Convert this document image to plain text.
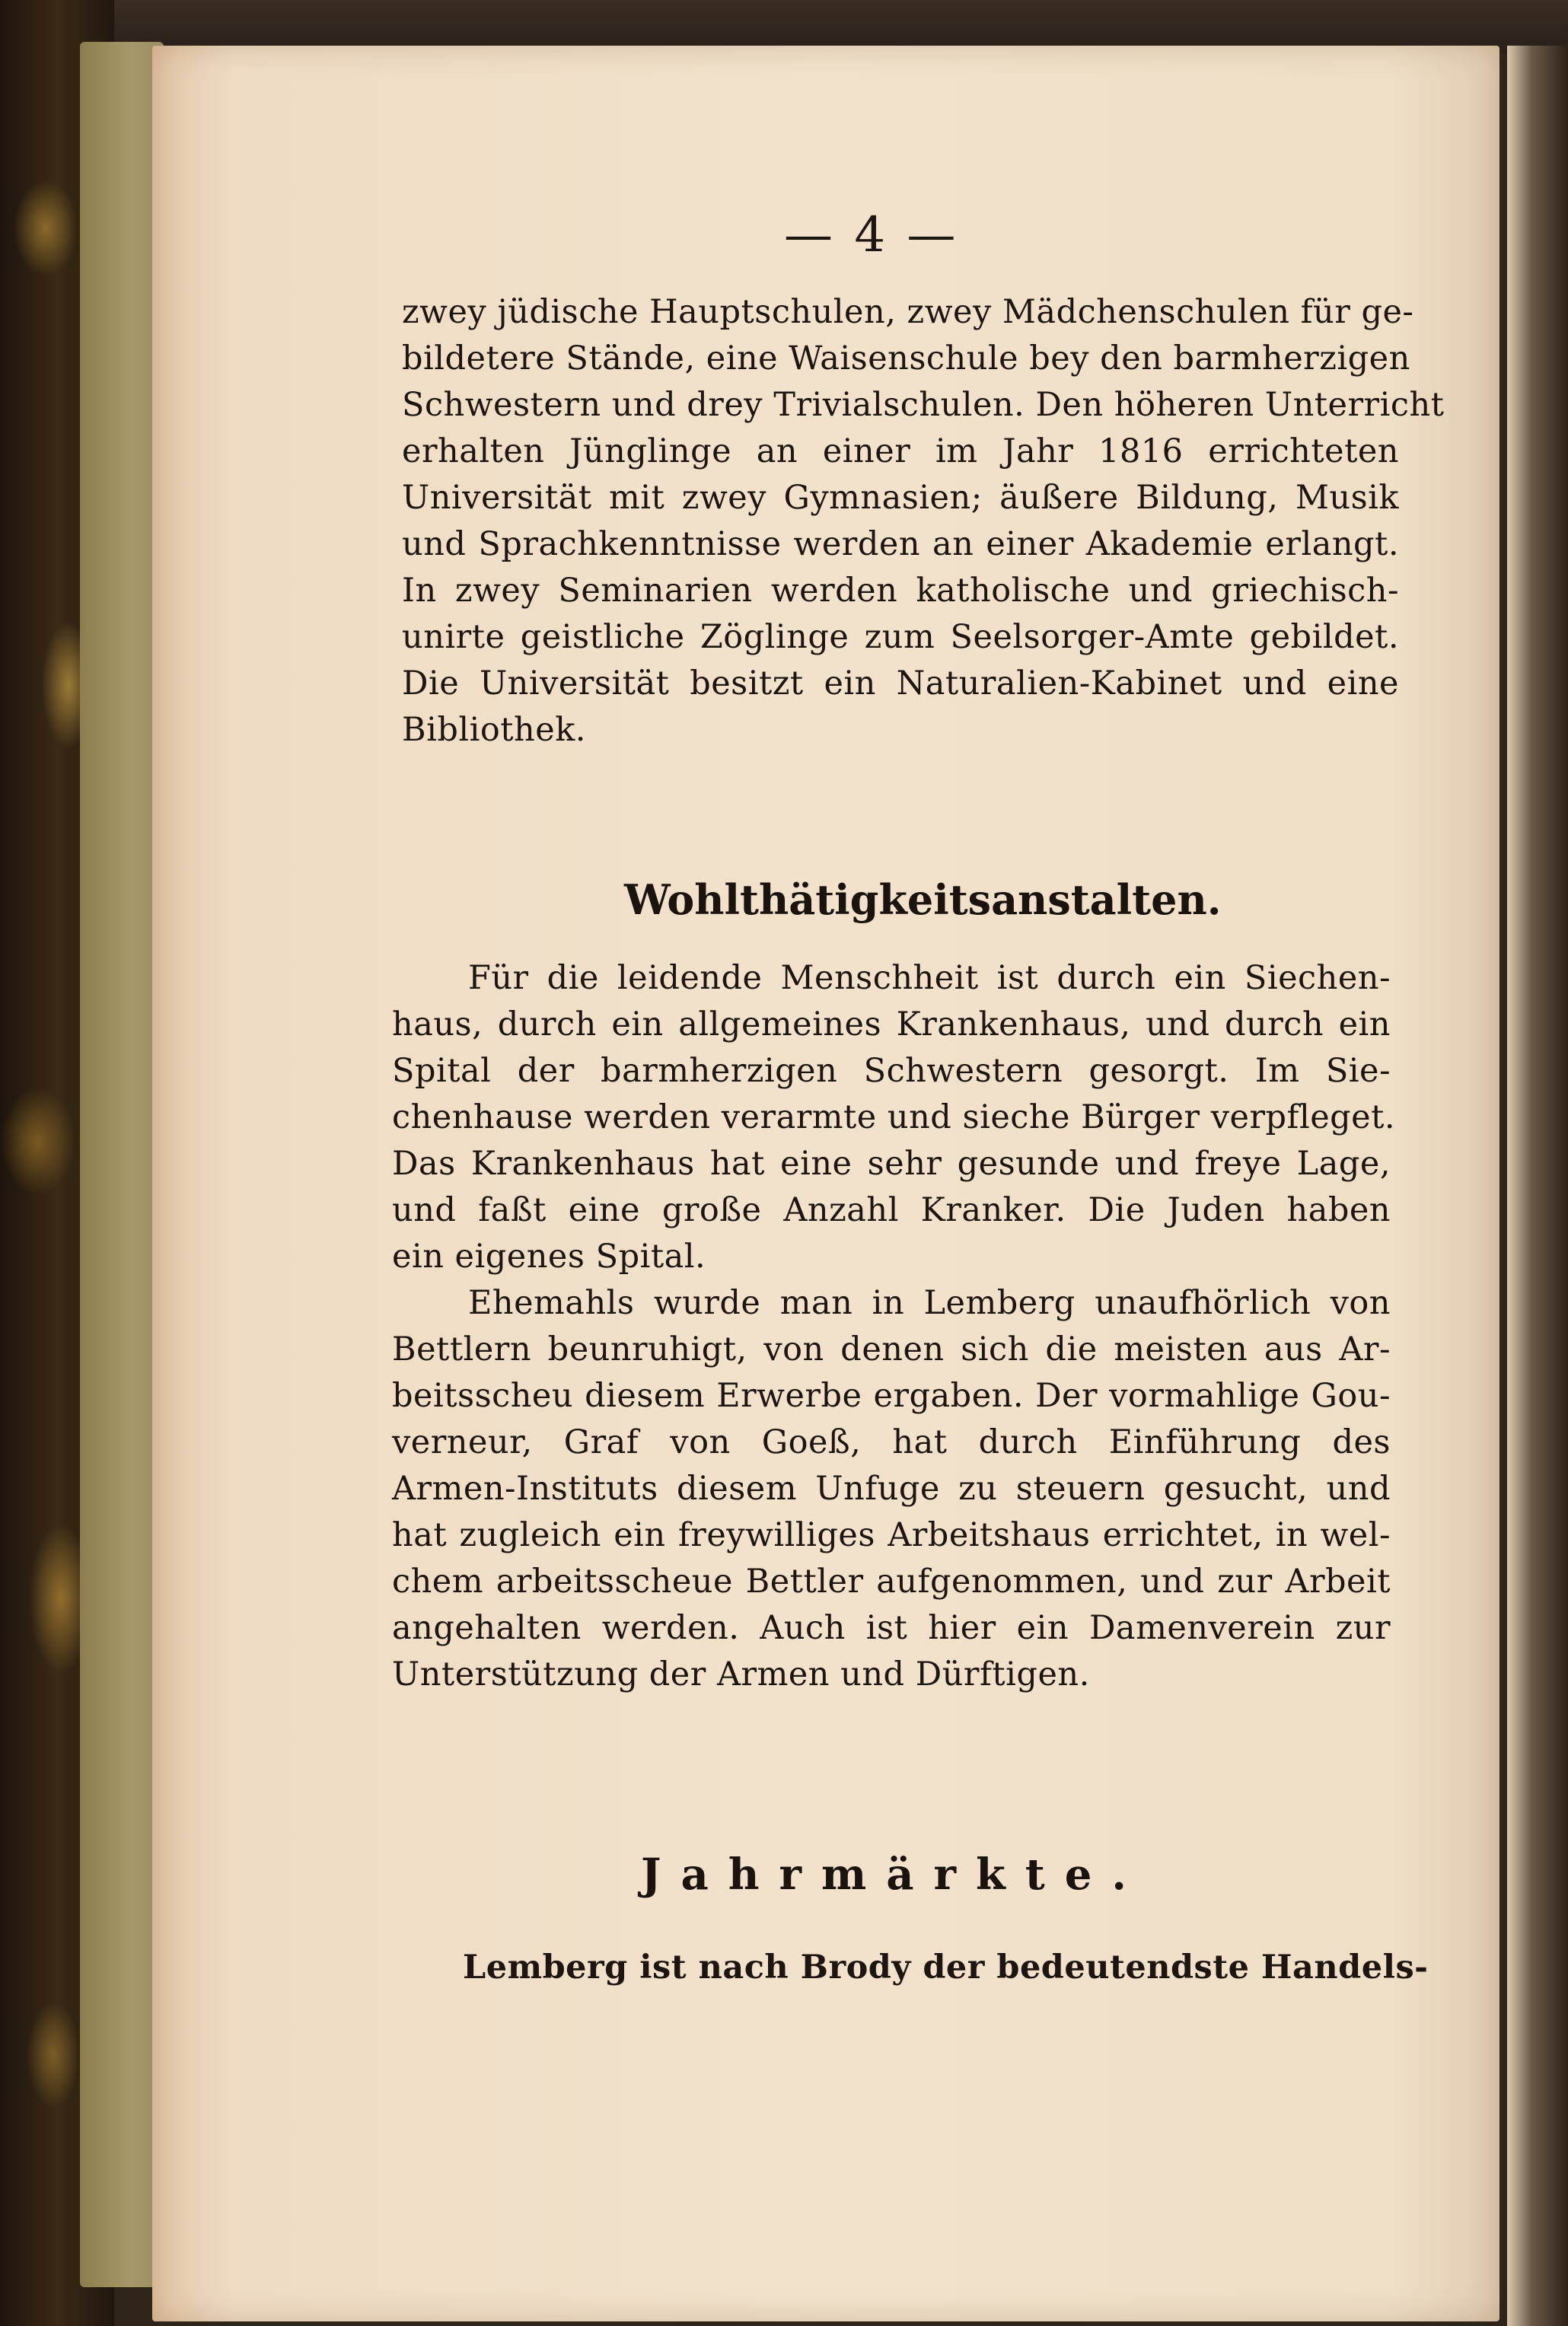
— 4 —
zwey jüdische Hauptschulen, zwey Mädchenschulen für ge-
bildetere Stände, eine Waisenschule bey den barmherzigen
Schwestern und drey Trivialschulen. Den höheren Unterricht
erhalten Jünglinge an einer im Jahr 1816 errichteten
Universität mit zwey Gymnasien; äußere Bildung, Musik
und Sprachkenntnisse werden an einer Akademie erlangt.
In zwey Seminarien werden katholische und griechisch-
unirte geistliche Zöglinge zum Seelsorger-Amte gebildet.
Die Universität besitzt ein Naturalien-Kabinet und eine
Bibliothek.
Wohlthätigkeitsanstalten.
Für die leidende Menschheit ist durch ein Siechen-
haus, durch ein allgemeines Krankenhaus, und durch ein
Spital der barmherzigen Schwestern gesorgt. Im Sie-
chenhause werden verarmte und sieche Bürger verpfleget.
Das Krankenhaus hat eine sehr gesunde und freye Lage,
und faßt eine große Anzahl Kranker. Die Juden haben
ein eigenes Spital.
Ehemahls wurde man in Lemberg unaufhörlich von
Bettlern beunruhigt, von denen sich die meisten aus Ar-
beitsscheu diesem Erwerbe ergaben. Der vormahlige Gou-
verneur, Graf von Goeß, hat durch Einführung des
Armen-Instituts diesem Unfuge zu steuern gesucht, und
hat zugleich ein freywilliges Arbeitshaus errichtet, in wel-
chem arbeitsscheue Bettler aufgenommen, und zur Arbeit
angehalten werden. Auch ist hier ein Damenverein zur
Unterstützung der Armen und Dürftigen.
Jahrmärkte.
Lemberg ist nach Brody der bedeutendste Handels-
